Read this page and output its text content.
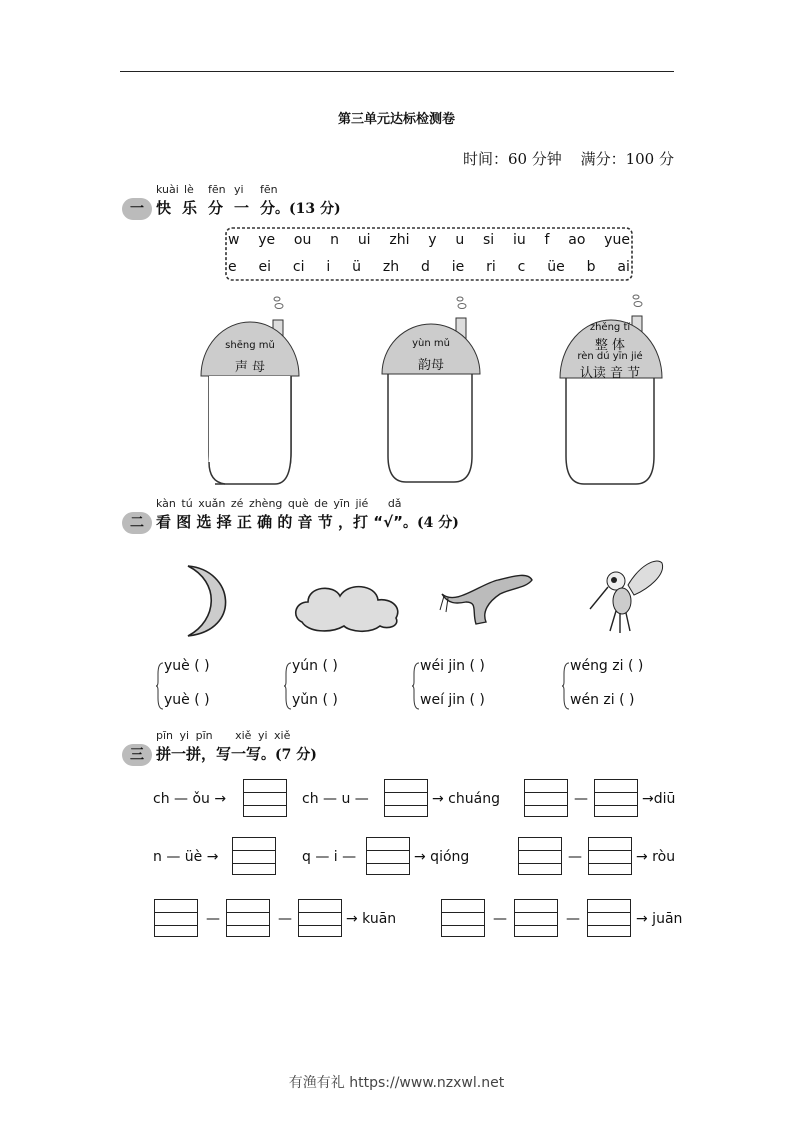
第三单元达标检测卷
时间：60 分钟 满分：100 分
kuài lè fēn yi fēn
一 快 乐 分 一 分。(13 分)
w ye ou n ui zhi y u si iu f ao yue
e ei ci i ü zh d ie ri c üe b ai
shēng mǔ
声 母
yùn mǔ
韵母
zhěng tǐ
整 体
rèn dú yīn jié
认读 音 节
kàn tú xuǎn zé zhèng què de yīn jié dǎ
二 看 图 选 择 正 确 的 音 节 ，打 “√”。(4 分)
yuè ( )
yuè ( )
yún ( )
yǔn ( )
wéi jin ( )
weí jin ( )
wéng zi ( )
wén zi ( )
pīn yi pīn xiě yi xiě
三 拼一拼，写一写。(7 分)
ch — ǒu →	ch — u —	→ chuáng	—	→diū
n — üè →	q — i —	→ qióng	—	→ ròu
—	—	→ kuān	—	—	→ juān
有渔有礼 https://www.nzxwl.net
